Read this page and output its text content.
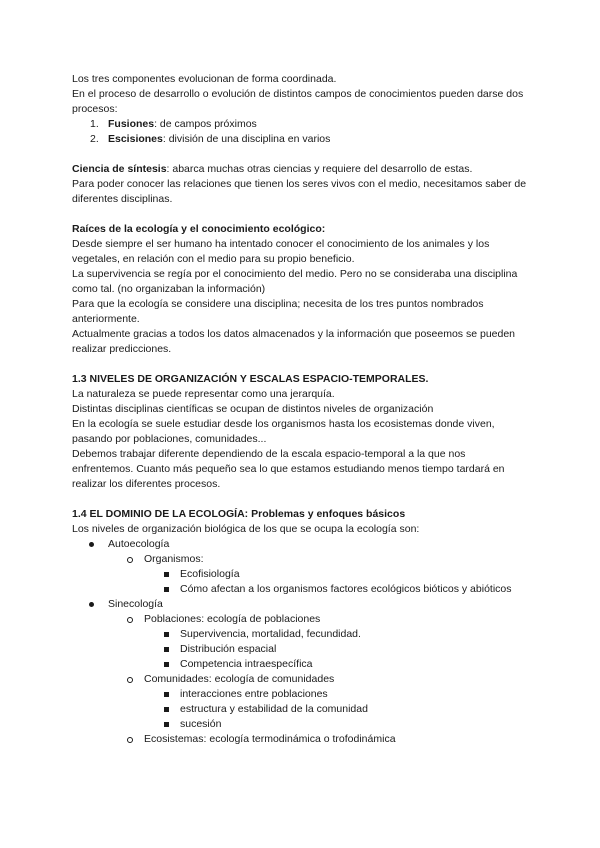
Los tres componentes evolucionan de forma coordinada.

En el proceso de desarrollo o evolución de distintos campos de conocimientos pueden darse dos procesos:

1. Fusiones: de campos próximos
2. Escisiones: división de una disciplina en varios

Ciencia de síntesis: abarca muchas otras ciencias y requiere del desarrollo de estas.

Para poder conocer las relaciones que tienen los seres vivos con el medio, necesitamos saber de diferentes disciplinas.

Raíces de la ecología y el conocimiento ecológico:

Desde siempre el ser humano ha intentado conocer el conocimiento de los animales y los vegetales, en relación con el medio para su propio beneficio.

La supervivencia se regía por el conocimiento del medio. Pero no se consideraba una disciplina como tal. (no organizaban la información)

Para que la ecología se considere una disciplina; necesita de los tres puntos nombrados anteriormente.

Actualmente gracias a todos los datos almacenados y la información que poseemos se pueden realizar predicciones.

1.3 NIVELES DE ORGANIZACIÓN Y ESCALAS ESPACIO-TEMPORALES.

La naturaleza se puede representar como una jerarquía.

Distintas disciplinas científicas se ocupan de distintos niveles de organización

En la ecología se suele estudiar desde los organismos hasta los ecosistemas donde viven, pasando por poblaciones, comunidades...

Debemos trabajar diferente dependiendo de la escala espacio-temporal a la que nos enfrentemos. Cuanto más pequeño sea lo que estamos estudiando menos tiempo tardará en realizar los diferentes procesos.

1.4 EL DOMINIO DE LA ECOLOGÍA: Problemas y enfoques básicos

Los niveles de organización biológica de los que se ocupa la ecología son:

Autoecología
Organismos:
Ecofisiología
Cómo afectan a los organismos factores ecológicos bióticos y abióticos
Sinecología
Poblaciones: ecología de poblaciones
Supervivencia, mortalidad, fecundidad.
Distribución espacial
Competencia intraespecífica
Comunidades: ecología de comunidades
interacciones entre poblaciones
estructura y estabilidad de la comunidad
sucesión
Ecosistemas: ecología termodinámica o trofodinámica
